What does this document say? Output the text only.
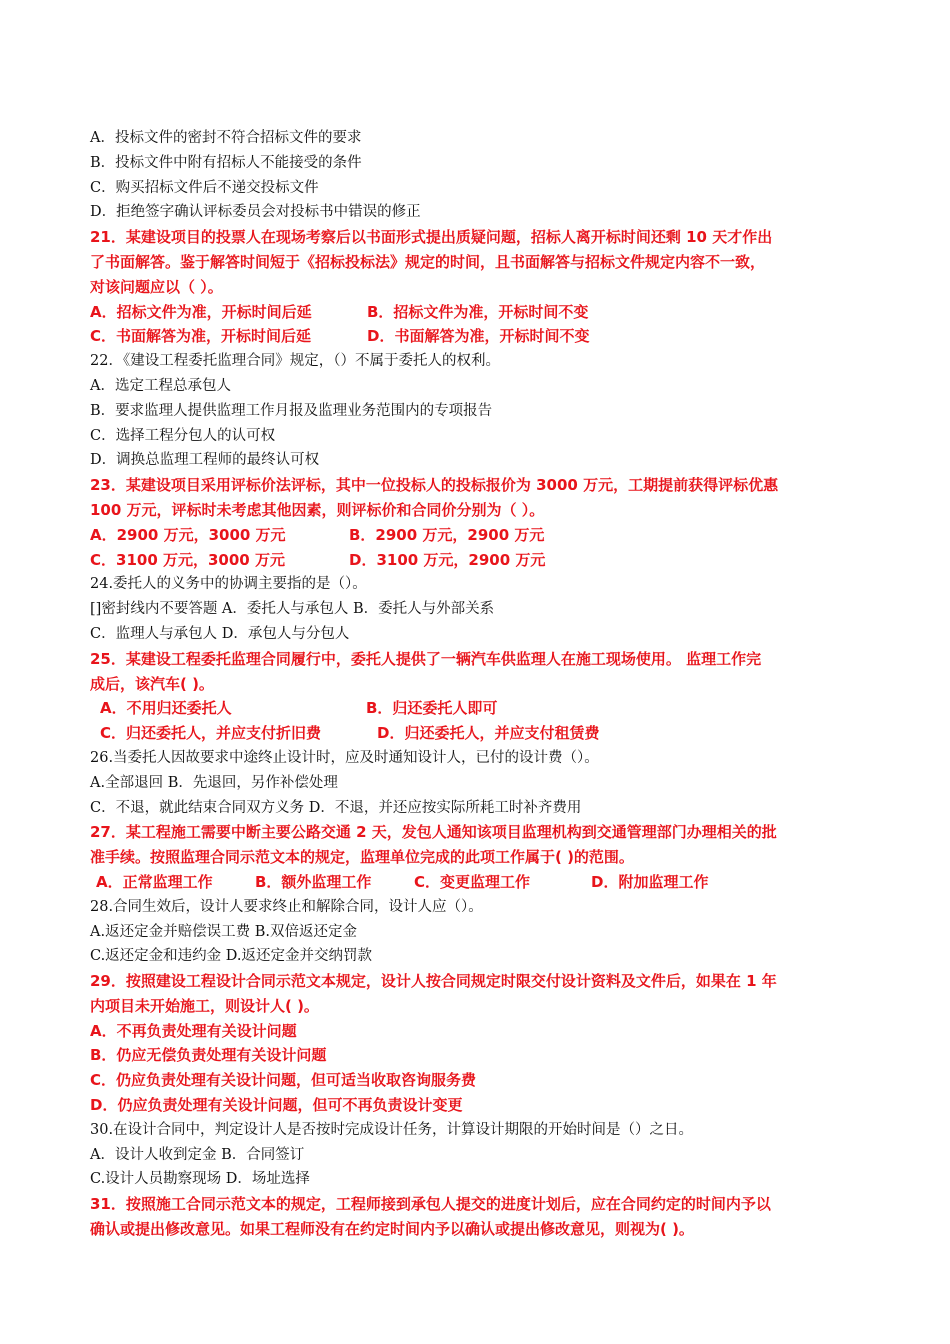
A．投标文件的密封不符合招标文件的要求
B．投标文件中附有招标人不能接受的条件
C．购买招标文件后不递交投标文件
D．拒绝签字确认评标委员会对投标书中错误的修正
21．某建设项目的投票人在现场考察后以书面形式提出质疑问题，招标人离开标时间还剩 10 天才作出
了书面解答。鉴于解答时间短于《招标投标法》规定的时间，且书面解答与招标文件规定内容不一致，
对该问题应以（ ）。
A．招标文件为准，开标时间后延	B．招标文件为准，开标时间不变
C．书面解答为准，开标时间后延	D．书面解答为准，开标时间不变
22．《建设工程委托监理合同》规定，（）不属于委托人的权利。
A．选定工程总承包人
B．要求监理人提供监理工作月报及监理业务范围内的专项报告
C．选择工程分包人的认可权
D．调换总监理工程师的最终认可权
23．某建设项目采用评标价法评标，其中一位投标人的投标报价为 3000 万元，工期提前获得评标优惠
100 万元，评标时未考虑其他因素，则评标价和合同价分别为（ ）。
A．2900 万元，3000 万元	B．2900 万元，2900 万元
C．3100 万元，3000 万元	D．3100 万元，2900 万元
24.委托人的义务中的协调主要指的是（）。
[]密封线内不要答题 A．委托人与承包人 B．委托人与外部关系
C．监理人与承包人 D．承包人与分包人
25．某建设工程委托监理合同履行中，委托人提供了一辆汽车供监理人在施工现场使用。 监理工作完
成后，该汽车( )。
A．不用归还委托人	B．归还委托人即可
C．归还委托人，并应支付折旧费	D．归还委托人，并应支付租赁费
26.当委托人因故要求中途终止设计时，应及时通知设计人，已付的设计费（）。
A.全部退回 B．先退回，另作补偿处理
C．不退，就此结束合同双方义务 D．不退，并还应按实际所耗工时补齐费用
27．某工程施工需要中断主要公路交通 2 天，发包人通知该项目监理机构到交通管理部门办理相关的批
准手续。按照监理合同示范文本的规定，监理单位完成的此项工作属于( )的范围。
A．正常监理工作	B．额外监理工作	C．变更监理工作	D．附加监理工作
28.合同生效后，设计人要求终止和解除合同，设计人应（）。
A.返还定金并赔偿误工费 B.双倍返还定金
C.返还定金和违约金 D.返还定金并交纳罚款
29．按照建设工程设计合同示范文本规定，设计人按合同规定时限交付设计资料及文件后，如果在 1 年
内项目未开始施工，则设计人( )。
A．不再负责处理有关设计问题
B．仍应无偿负责处理有关设计问题
C．仍应负责处理有关设计问题，但可适当收取咨询服务费
D．仍应负责处理有关设计问题，但可不再负责设计变更
30.在设计合同中，判定设计人是否按时完成设计任务，计算设计期限的开始时间是（）之日。
A．设计人收到定金 B．合同签订
C.设计人员勘察现场 D．场址选择
31．按照施工合同示范文本的规定，工程师接到承包人提交的进度计划后，应在合同约定的时间内予以
确认或提出修改意见。如果工程师没有在约定时间内予以确认或提出修改意见，则视为( )。
